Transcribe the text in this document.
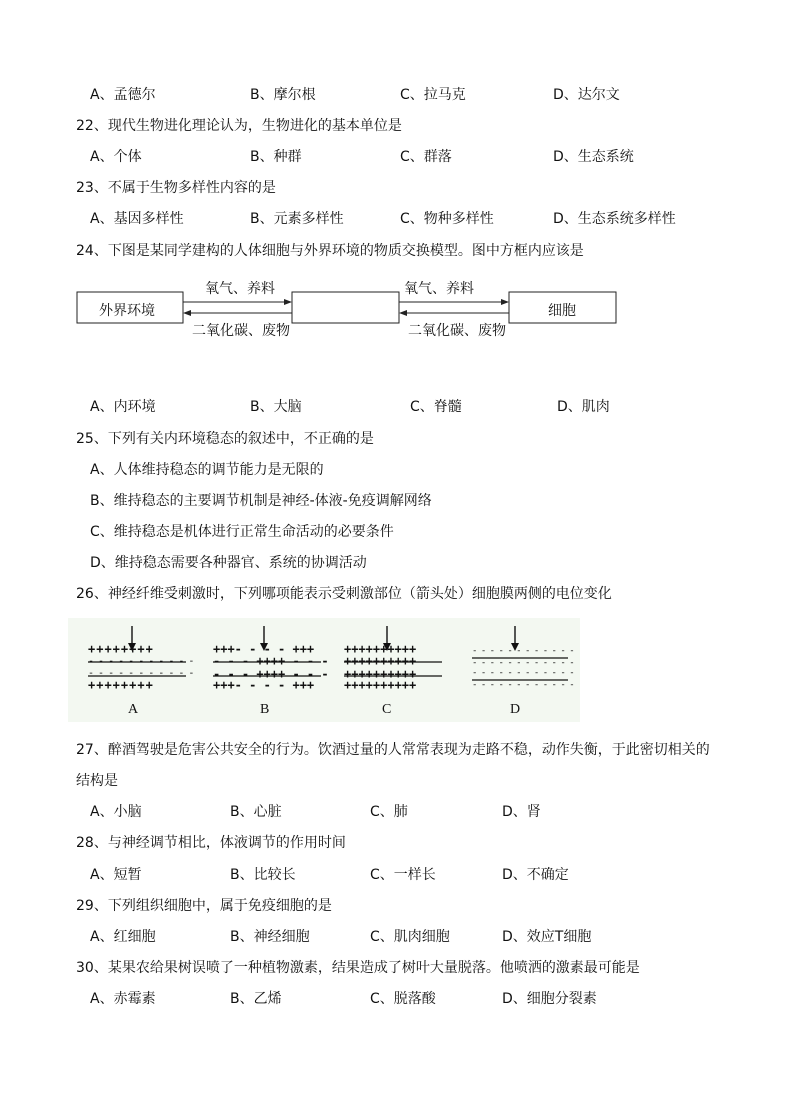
A、孟德尔	B、摩尔根	C、拉马克	D、达尔文
22、现代生物进化理论认为，生物进化的基本单位是
A、个体	B、种群	C、群落	D、生态系统
23、不属于生物多样性内容的是
A、基因多样性	B、元素多样性	C、物种多样性	D、生态系统多样性
24、下图是某同学建构的人体细胞与外界环境的物质交换模型。图中方框内应该是
外界环境	细胞
氧气、养料	氧气、养料
二氧化碳、废物	二氧化碳、废物
A、内环境	B、大脑	C、脊髓	D、肌肉
25、下列有关内环境稳态的叙述中，不正确的是
A、人体维持稳态的调节能力是无限的
B、维持稳态的主要调节机制是神经-体液-免疫调解网络
C、维持稳态是机体进行正常生命活动的必要条件
D、维持稳态需要各种器官、系统的协调活动
26、神经纤维受刺激时，下列哪项能表示受刺激部位（箭头处）细胞膜两侧的电位变化
++++++++
- - - - - - - - - - -
- - - - - - - - - - -
++++++++
+++- - - - +++
- - - ++++ - - -
- - - ++++ - - -
+++- - - - +++
++++++++++
++++++++++
++++++++++
++++++++++
- - - - - - - - - - - -
- - - - - - - - - - - -
- - - - - - - - - - - -
- - - - - - - - - - - -
A	B	C	D
27、醉酒驾驶是危害公共安全的行为。饮酒过量的人常常表现为走路不稳，动作失衡，于此密切相关的
结构是
A、小脑	B、心脏	C、肺	D、肾
28、与神经调节相比，体液调节的作用时间
A、短暂	B、比较长	C、一样长	D、不确定
29、下列组织细胞中，属于免疫细胞的是
A、红细胞	B、神经细胞	C、肌肉细胞	D、效应T细胞
30、某果农给果树误喷了一种植物激素，结果造成了树叶大量脱落。他喷洒的激素最可能是
A、赤霉素	B、乙烯	C、脱落酸	D、细胞分裂素
